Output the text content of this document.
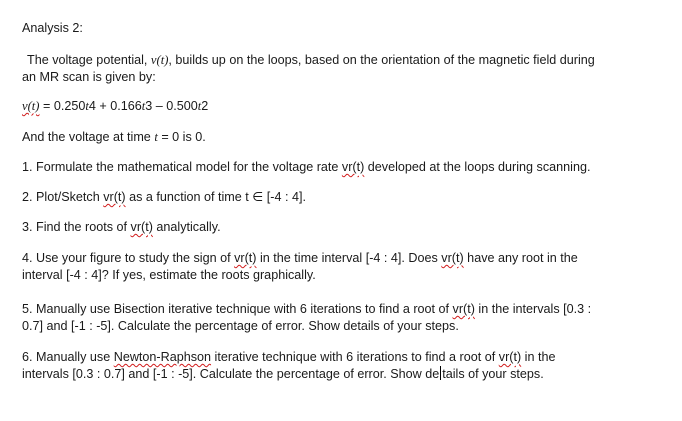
Analysis 2:
The voltage potential, v(t), builds up on the loops, based on the orientation of the magnetic field during
an MR scan is given by:
v(t) = 0.250t4 + 0.166t3 – 0.500t2
And the voltage at time t = 0 is 0.
1. Formulate the mathematical model for the voltage rate vr(t) developed at the loops during scanning.
2. Plot/Sketch vr(t) as a function of time t ∈ [-4 : 4].
3. Find the roots of vr(t) analytically.
4. Use your figure to study the sign of vr(t) in the time interval [-4 : 4]. Does vr(t) have any root in the
interval [-4 : 4]? If yes, estimate the roots graphically.
5. Manually use Bisection iterative technique with 6 iterations to find a root of vr(t) in the intervals [0.3 :
0.7] and [-1 : -5]. Calculate the percentage of error. Show details of your steps.
6. Manually use Newton-Raphson iterative technique with 6 iterations to find a root of vr(t) in the
intervals [0.3 : 0.7] and [-1 : -5]. Calculate the percentage of error. Show de tails of your steps.
